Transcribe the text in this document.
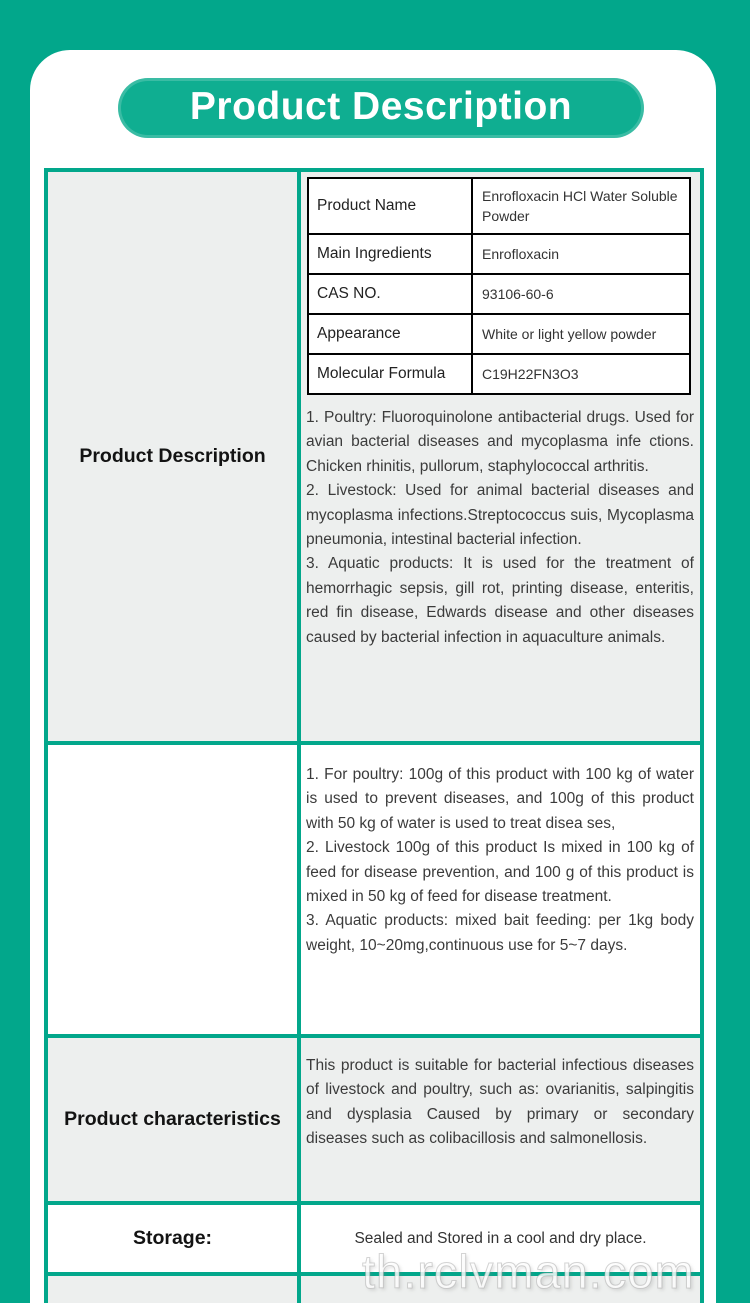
Product Description
Product Description
Product Name	Enrofloxacin HCl Water Soluble Powder
Main Ingredients	Enrofloxacin
CAS NO.	93106-60-6
Appearance	White or light yellow powder
Molecular Formula	C19H22FN3O3

1. Poultry: Fluoroquinolone antibacterial drugs. Used for avian bacterial diseases and mycoplasma infe ctions. Chicken rhinitis, pullorum, staphylococcal arthritis.

2. Livestock: Used for animal bacterial diseases and mycoplasma infections.Streptococcus suis, Mycoplasma pneumonia, intestinal bacterial infection.

3. Aquatic products: It is used for the treatment of hemorrhagic sepsis, gill rot, printing disease, enteritis, red fin disease, Edwards disease and other diseases caused by bacterial infection in aquaculture animals.

1. For poultry: 100g of this product with 100 kg of water is used to prevent diseases, and 100g of this product with 50 kg of water is used to treat disea ses,

2. Livestock 100g of this product Is mixed in 100 kg of feed for disease prevention, and 100 g of this product is mixed in 50 kg of feed for disease treatment.

3. Aquatic products: mixed bait feeding: per 1kg body weight, 10~20mg,continuous use for 5~7 days.

Product characteristics

This product is suitable for bacterial infectious diseases of livestock and poultry, such as: ovarianitis, salpingitis and dysplasia Caused by primary or secondary diseases such as colibacillosis and salmonellosis.

Storage:	Sealed and Stored in a cool and dry place.

th.rclvman.com
